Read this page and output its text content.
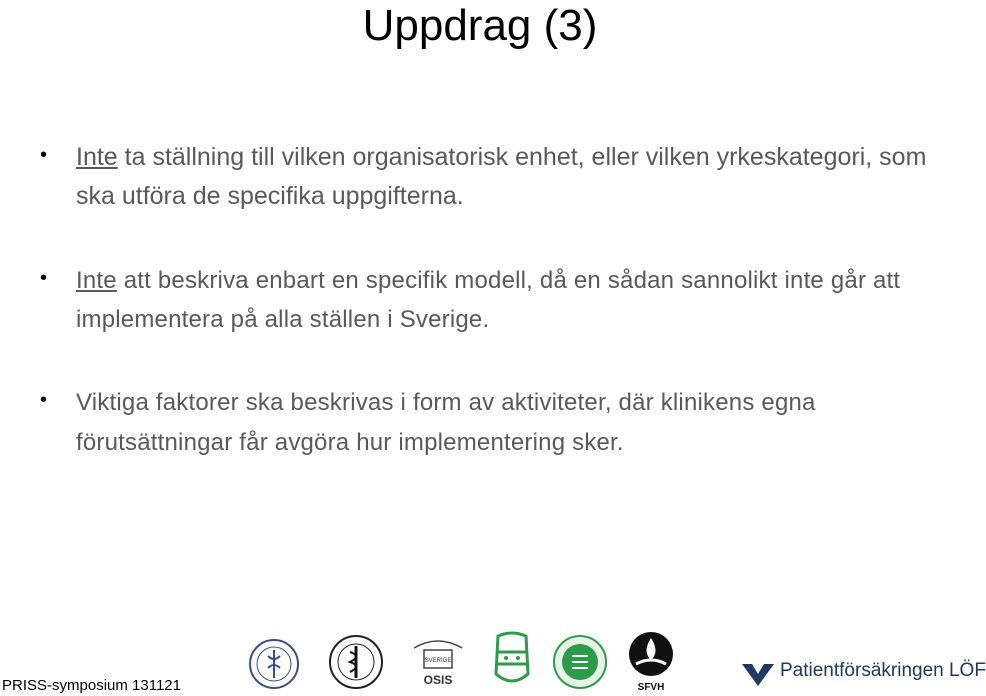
Uppdrag (3)
• Inte ta ställning till vilken organisatorisk enhet, eller vilken yrkeskategori, som ska utföra de specifika uppgifterna.
• Inte att beskriva enbart en specifik modell, då en sådan sannolikt inte går att implementera på alla ställen i Sverige.
• Viktiga faktorer ska beskrivas i form av aktiviteter, där klinikens egna förutsättningar får avgöra hur implementering sker.
PRISS-symposium 131121
SVERIGE
OSIS
SFVH
Patientförsäkringen LÖF
